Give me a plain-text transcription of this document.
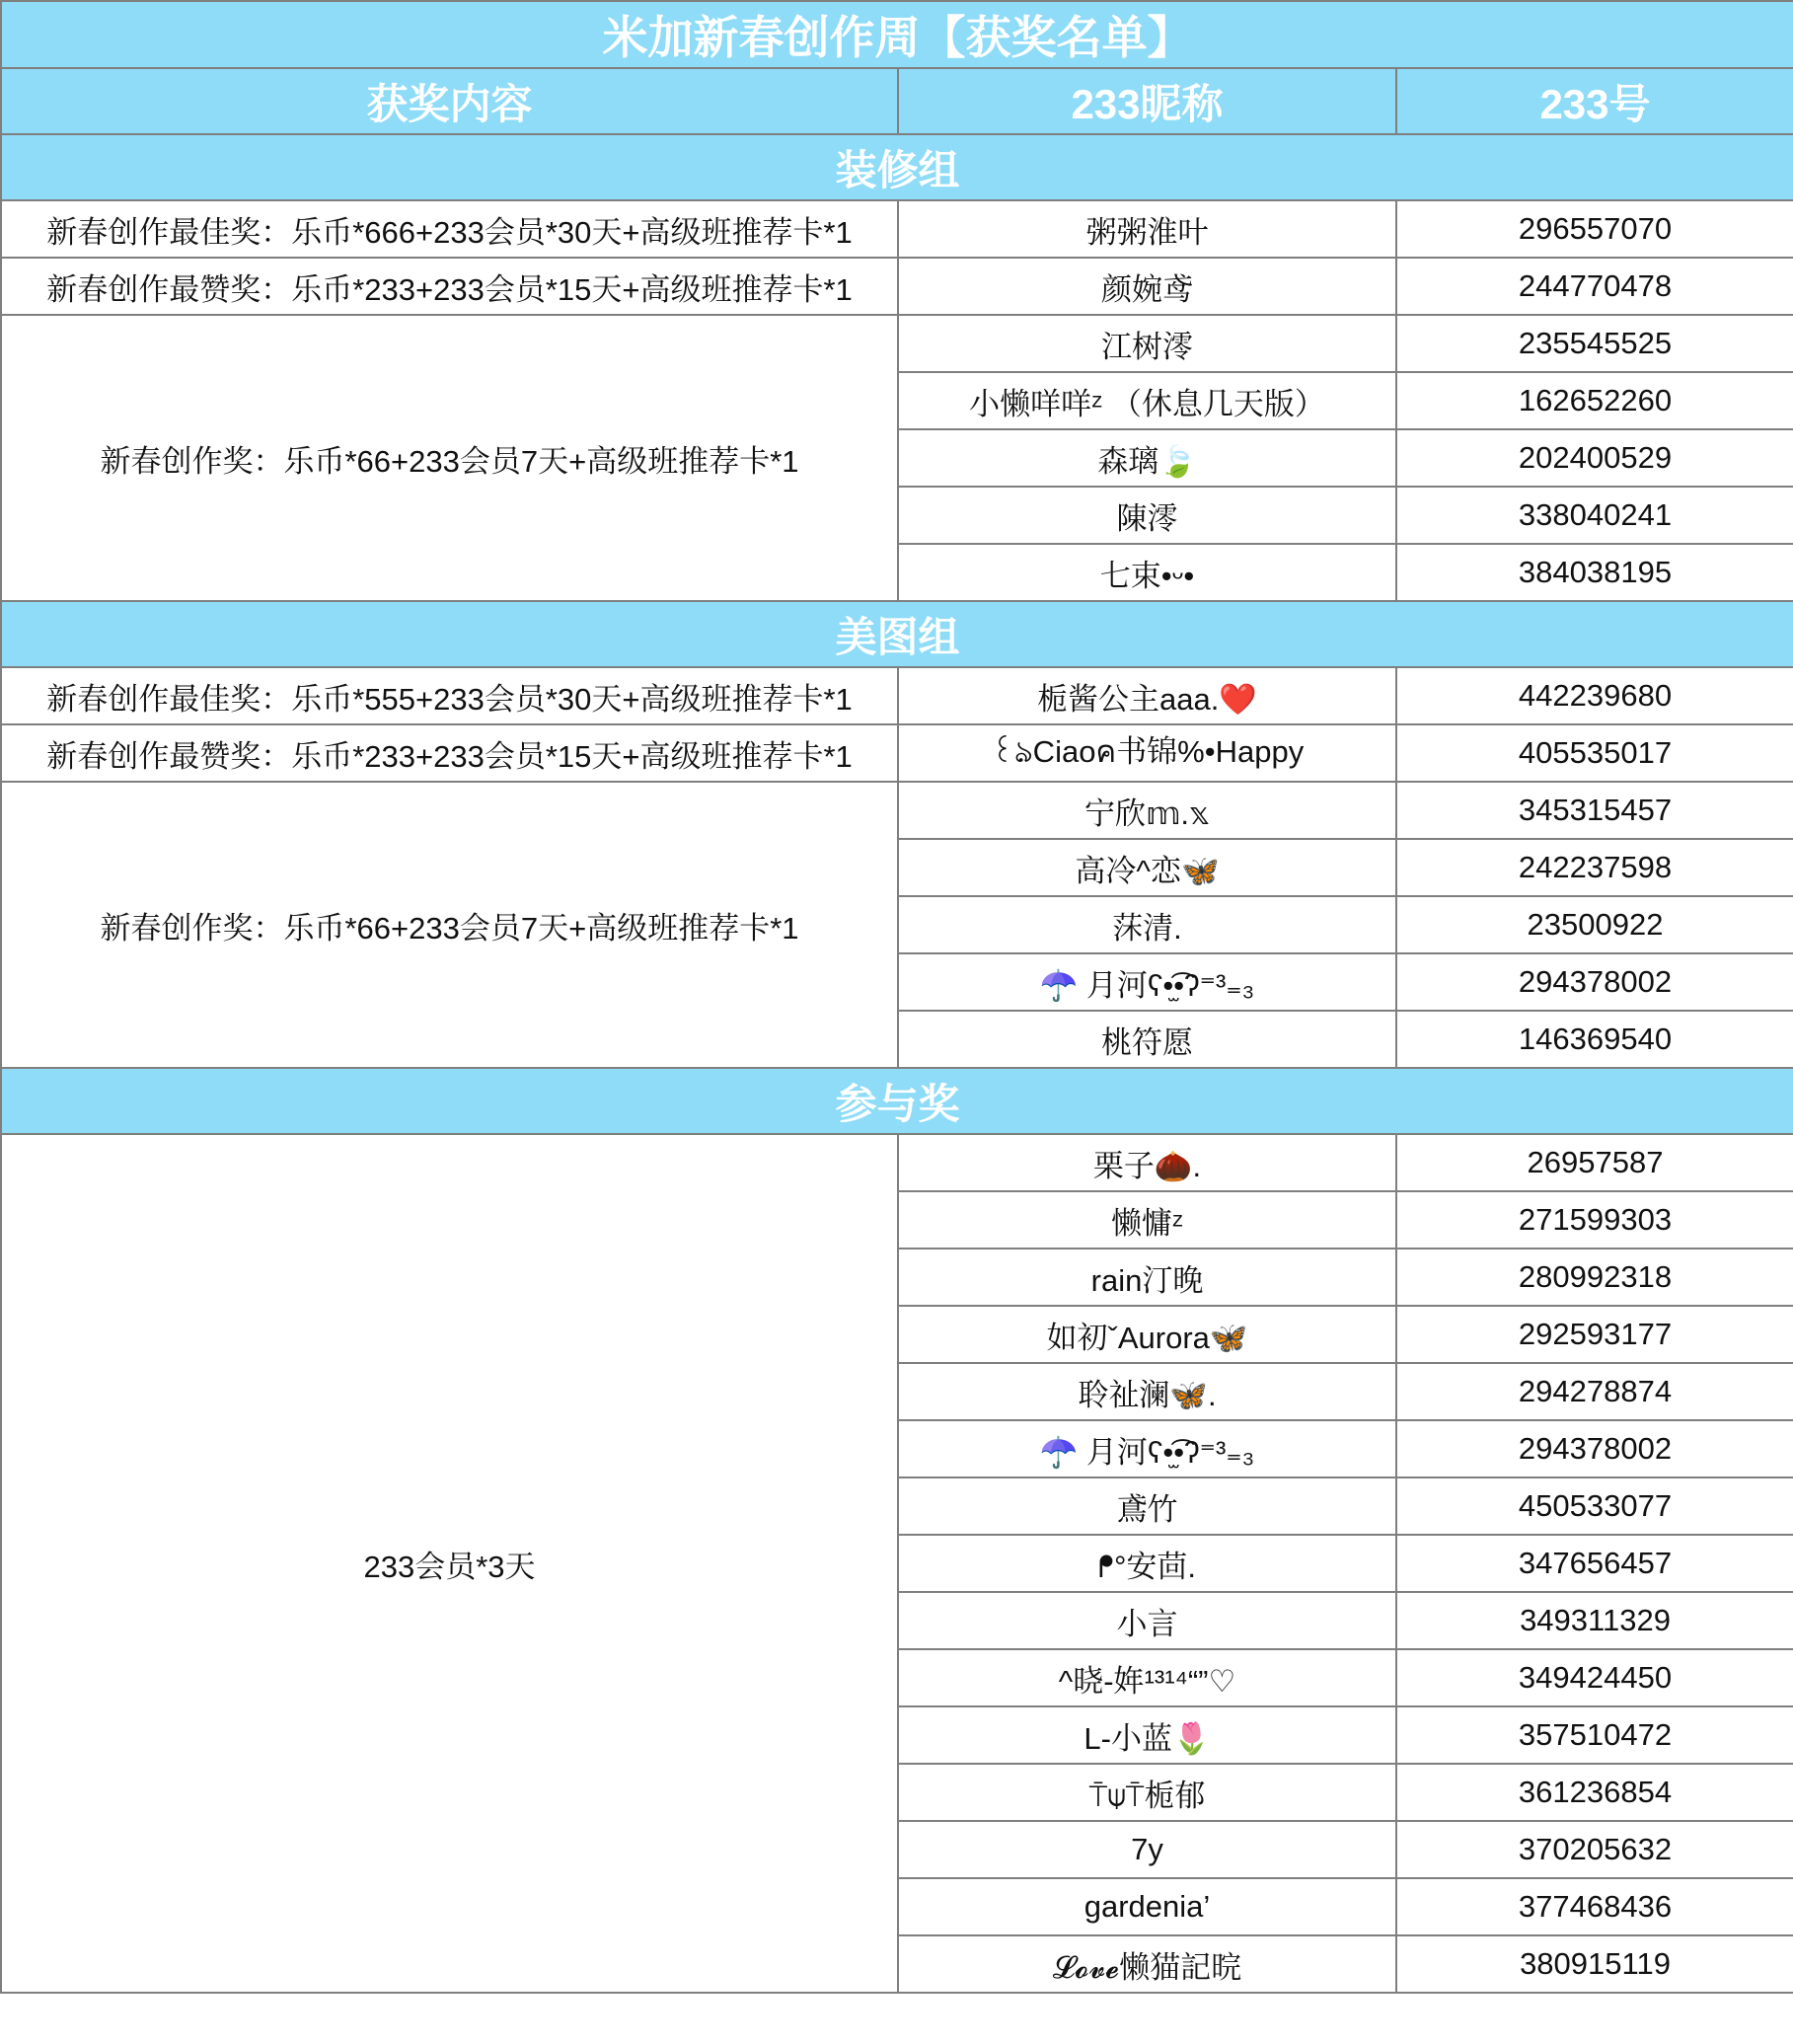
米加新春创作周【获奖名单】		
获奖内容	233昵称	233号
装修组		
新春创作最佳奖：乐币*666+233会员*30天+高级班推荐卡*1	粥粥淮叶	296557070
新春创作最赞奖：乐币*233+233会员*15天+高级班推荐卡*1	颜婉鸢	244770478
新春创作奖：乐币*66+233会员7天+高级班推荐卡*1	江树澪	235545525
	小懒咩咩ᶻ （休息几天版）	162652260
	森璃🍃	202400529
	陳澪	338040241
	七束•ᵕ•	384038195
美图组		
新春创作最佳奖：乐币*555+233会员*30天+高级班推荐卡*1	栀酱公主aaa.❤️	442239680
新春创作最赞奖：乐币*233+233会员*15天+高级班推荐卡*1	꒰ঌCiaoค书锦%•Happy	405535017
新春创作奖：乐币*66+233会员7天+高级班推荐卡*1	宁欣𝕞.𝕩	345315457
	高冷^恋🦋	242237598
	莯清.	23500922
	☂️ 月河ʕ•̫͡•ʔ⁼³₌₃	294378002
	桃符愿	146369540
参与奖		
233会员*3天	栗子🌰.	26957587
	懒慵ᶻ	271599303
	rain汀晚	280992318
	如初ˇAurora🦋	292593177
	聆祉澜🦋.	294278874
	☂️ 月河ʕ•̫͡•ʔ⁼³₌₃	294378002
	鳶竹	450533077
	ᖰ°安茴.	347656457
	小言	349311329
	^晓-姩¹³¹⁴“”♡	349424450
	L-小蓝🌷	357510472
	⍑⍦⍑栀郁	361236854
	7y	370205632
	gardenia’	377468436
	𝓛𝓸𝓿𝓮懒猫記晥	380915119
